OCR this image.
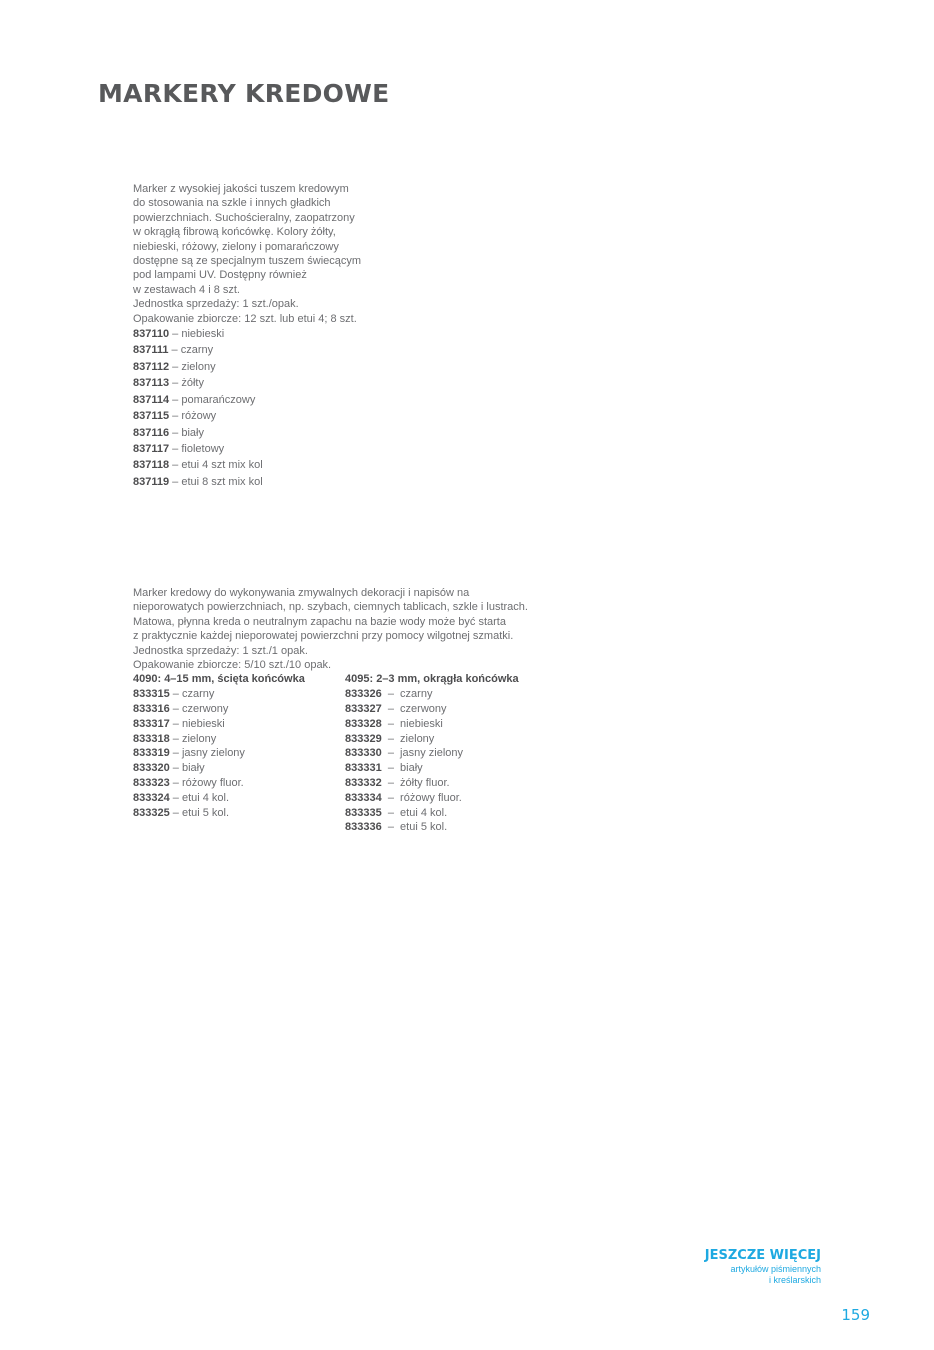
MARKERY KREDOWE

Marker z wysokiej jakości tuszem kredowym
do stosowania na szkle i innych gładkich
powierzchniach. Suchościeralny, zaopatrzony
w okrągłą fibrową końcówkę. Kolory żółty,
niebieski, różowy, zielony i pomarańczowy
dostępne są ze specjalnym tuszem świecącym
pod lampami UV. Dostępny również
w zestawach 4 i 8 szt.
Jednostka sprzedaży: 1 szt./opak.
Opakowanie zbiorcze: 12 szt. lub etui 4; 8 szt.

837110 – niebieski
837111 – czarny
837112 – zielony
837113 – żółty
837114 – pomarańczowy
837115 – różowy
837116 – biały
837117 – fioletowy
837118 – etui 4 szt mix kol
837119 – etui 8 szt mix kol

Marker kredowy do wykonywania zmywalnych dekoracji i napisów na
nieporowatych powierzchniach, np. szybach, ciemnych tablicach, szkle i lustrach.
Matowa, płynna kreda o neutralnym zapachu na bazie wody może być starta
z praktycznie każdej nieporowatej powierzchni przy pomocy wilgotnej szmatki.
Jednostka sprzedaży: 1 szt./1 opak.
Opakowanie zbiorcze: 5/10 szt./10 opak.

4090: 4–15 mm, ścięta końcówka
833315 – czarny
833316 – czerwony
833317 – niebieski
833318 – zielony
833319 – jasny zielony
833320 – biały
833323 – różowy fluor.
833324 – etui 4 kol.
833325 – etui 5 kol.
4095: 2–3 mm, okrągła końcówka
833326  –  czarny
833327  –  czerwony
833328  –  niebieski
833329  –  zielony
833330  –  jasny zielony
833331  –  biały
833332  –  żółty fluor.
833334  –  różowy fluor.
833335  –  etui 4 kol.
833336  –  etui 5 kol.
JESZCZE WIĘCEJ
artykułów piśmiennych
i kreślarskich
159
